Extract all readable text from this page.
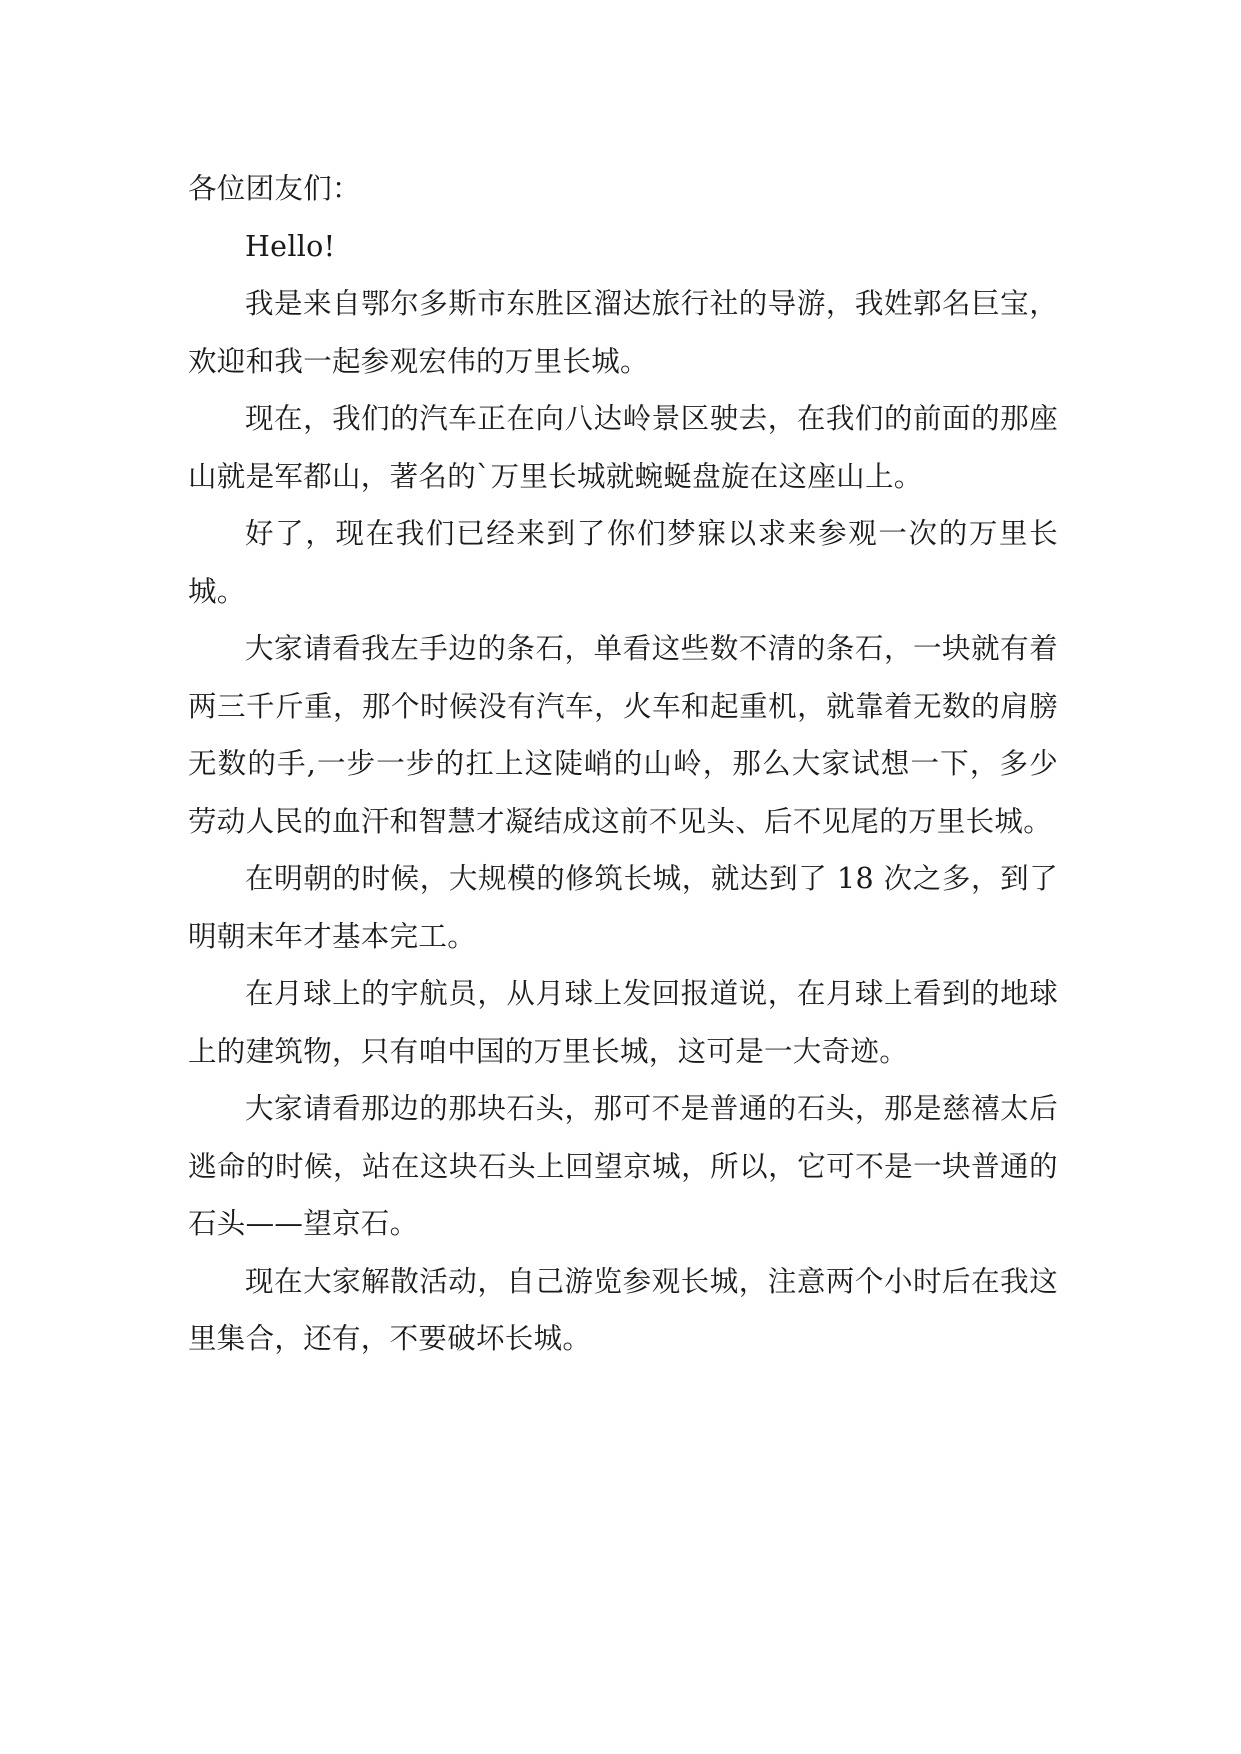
各位团友们：

Hello!

我是来自鄂尔多斯市东胜区溜达旅行社的导游，我姓郭名巨宝，欢迎和我一起参观宏伟的万里长城。

现在，我们的汽车正在向八达岭景区驶去，在我们的前面的那座山就是军都山，著名的`万里长城就蜿蜒盘旋在这座山上。

好了，现在我们已经来到了你们梦寐以求来参观一次的万里长城。

大家请看我左手边的条石，单看这些数不清的条石，一块就有着两三千斤重，那个时候没有汽车，火车和起重机，就靠着无数的肩膀无数的手,一步一步的扛上这陡峭的山岭，那么大家试想一下，多少劳动人民的血汗和智慧才凝结成这前不见头、后不见尾的万里长城。

在明朝的时候，大规模的修筑长城，就达到了 18 次之多，到了明朝末年才基本完工。

在月球上的宇航员，从月球上发回报道说，在月球上看到的地球上的建筑物，只有咱中国的万里长城，这可是一大奇迹。

大家请看那边的那块石头，那可不是普通的石头，那是慈禧太后逃命的时候，站在这块石头上回望京城，所以，它可不是一块普通的石头——望京石。

现在大家解散活动，自己游览参观长城，注意两个小时后在我这里集合，还有，不要破坏长城。
